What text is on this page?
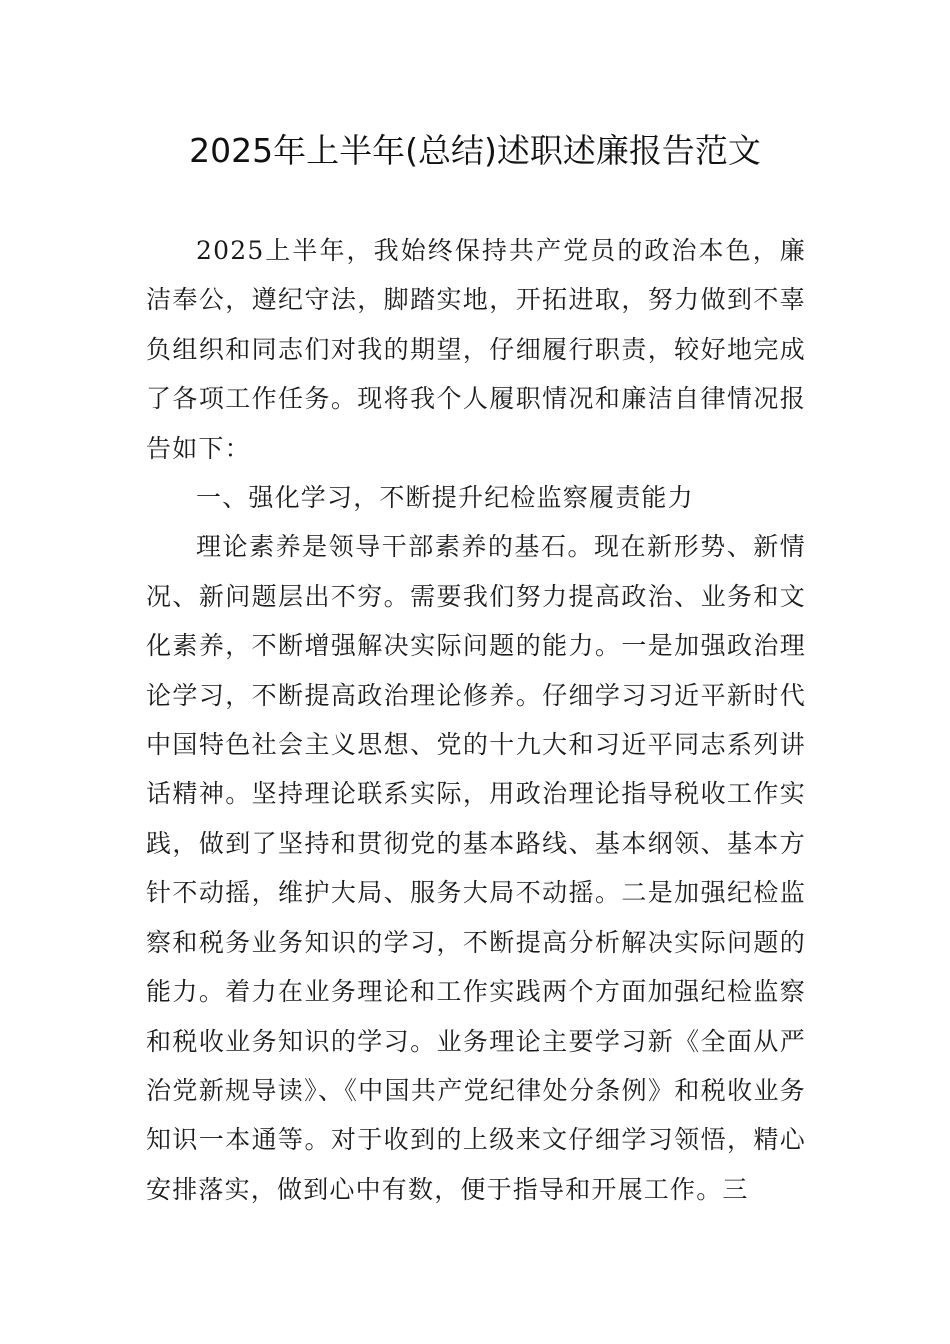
2025年上半年(总结)述职述廉报告范文

2025上半年，我始终保持共产党员的政治本色，廉洁奉公，遵纪守法，脚踏实地，开拓进取，努力做到不辜负组织和同志们对我的期望，仔细履行职责，较好地完成了各项工作任务。现将我个人履职情况和廉洁自律情况报告如下：

一、强化学习，不断提升纪检监察履责能力

理论素养是领导干部素养的基石。现在新形势、新情况、新问题层出不穷。需要我们努力提高政治、业务和文化素养，不断增强解决实际问题的能力。一是加强政治理论学习，不断提高政治理论修养。仔细学习习近平新时代中国特色社会主义思想、党的十九大和习近平同志系列讲话精神。坚持理论联系实际，用政治理论指导税收工作实践，做到了坚持和贯彻党的基本路线、基本纲领、基本方针不动摇，维护大局、服务大局不动摇。二是加强纪检监察和税务业务知识的学习，不断提高分析解决实际问题的能力。着力在业务理论和工作实践两个方面加强纪检监察和税收业务知识的学习。业务理论主要学习新《全面从严治党新规导读》、《中国共产党纪律处分条例》和税收业务知识一本通等。对于收到的上级来文仔细学习领悟，精心安排落实，做到心中有数，便于指导和开展工作。三
